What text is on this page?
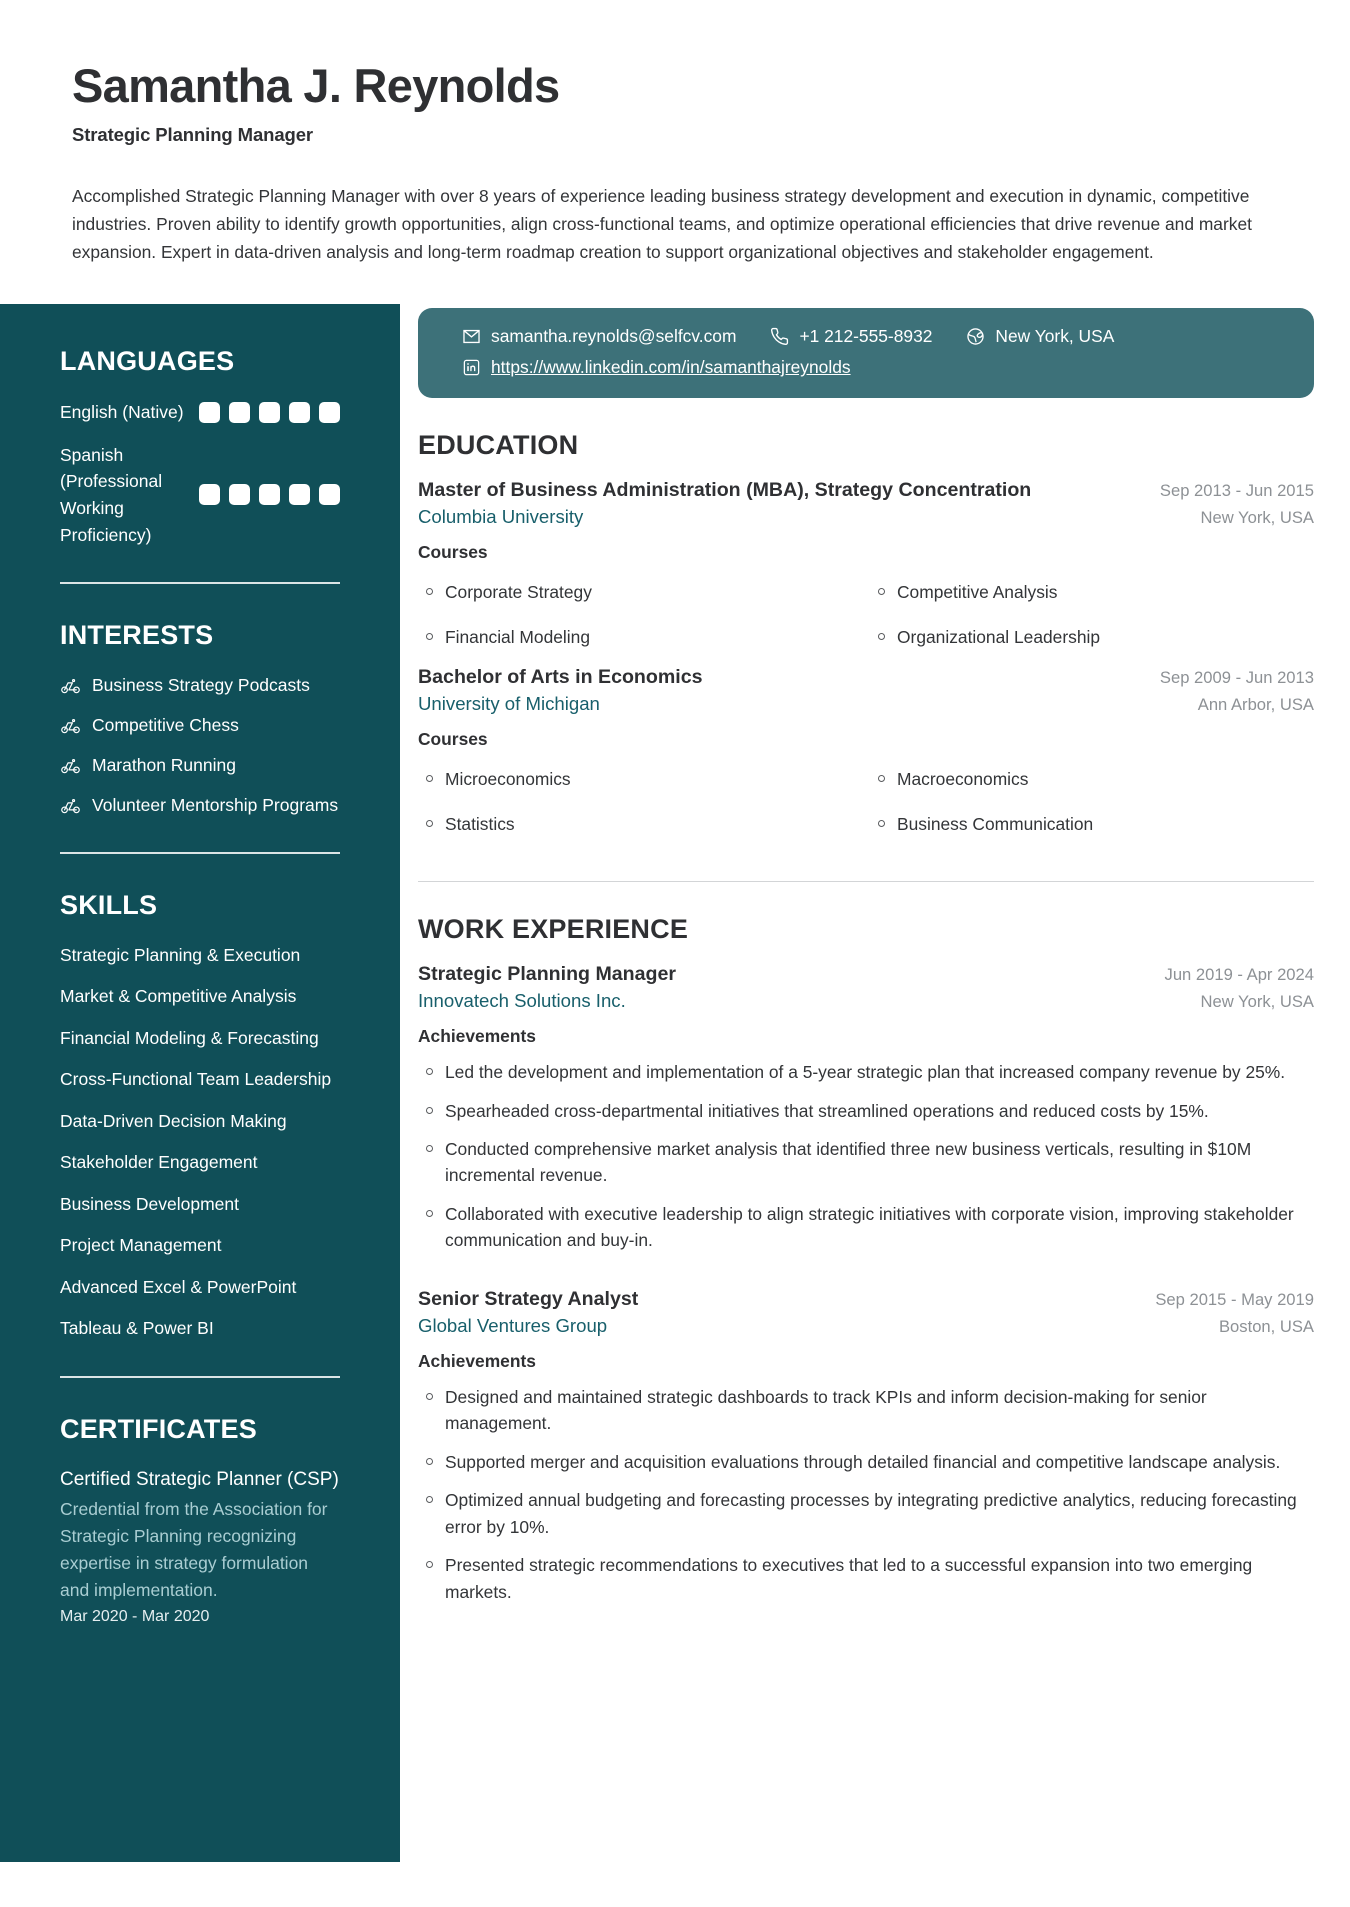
Samantha J. Reynolds
Strategic Planning Manager
Accomplished Strategic Planning Manager with over 8 years of experience leading business strategy development and execution in dynamic, competitive industries. Proven ability to identify growth opportunities, align cross-functional teams, and optimize operational efficiencies that drive revenue and market expansion. Expert in data-driven analysis and long-term roadmap creation to support organizational objectives and stakeholder engagement.
LANGUAGES
English (Native)
Spanish (Professional Working Proficiency)
INTERESTS
Business Strategy Podcasts
Competitive Chess
Marathon Running
Volunteer Mentorship Programs
SKILLS
Strategic Planning & Execution
Market & Competitive Analysis
Financial Modeling & Forecasting
Cross-Functional Team Leadership
Data-Driven Decision Making
Stakeholder Engagement
Business Development
Project Management
Advanced Excel & PowerPoint
Tableau & Power BI
CERTIFICATES
Certified Strategic Planner (CSP)
Credential from the Association for Strategic Planning recognizing expertise in strategy formulation and implementation.
Mar 2020 - Mar 2020
samantha.reynolds@selfcv.com	+1 212-555-8932	New York, USA
https://www.linkedin.com/in/samanthajreynolds
EDUCATION
Master of Business Administration (MBA), Strategy Concentration	Sep 2013 - Jun 2015
Columbia University	New York, USA
Courses
Corporate Strategy	Competitive Analysis
Financial Modeling	Organizational Leadership
Bachelor of Arts in Economics	Sep 2009 - Jun 2013
University of Michigan	Ann Arbor, USA
Courses
Microeconomics	Macroeconomics
Statistics	Business Communication
WORK EXPERIENCE
Strategic Planning Manager	Jun 2019 - Apr 2024
Innovatech Solutions Inc.	New York, USA
Achievements
Led the development and implementation of a 5-year strategic plan that increased company revenue by 25%.
Spearheaded cross-departmental initiatives that streamlined operations and reduced costs by 15%.
Conducted comprehensive market analysis that identified three new business verticals, resulting in $10M incremental revenue.
Collaborated with executive leadership to align strategic initiatives with corporate vision, improving stakeholder communication and buy-in.
Senior Strategy Analyst	Sep 2015 - May 2019
Global Ventures Group	Boston, USA
Achievements
Designed and maintained strategic dashboards to track KPIs and inform decision-making for senior management.
Supported merger and acquisition evaluations through detailed financial and competitive landscape analysis.
Optimized annual budgeting and forecasting processes by integrating predictive analytics, reducing forecasting error by 10%.
Presented strategic recommendations to executives that led to a successful expansion into two emerging markets.
